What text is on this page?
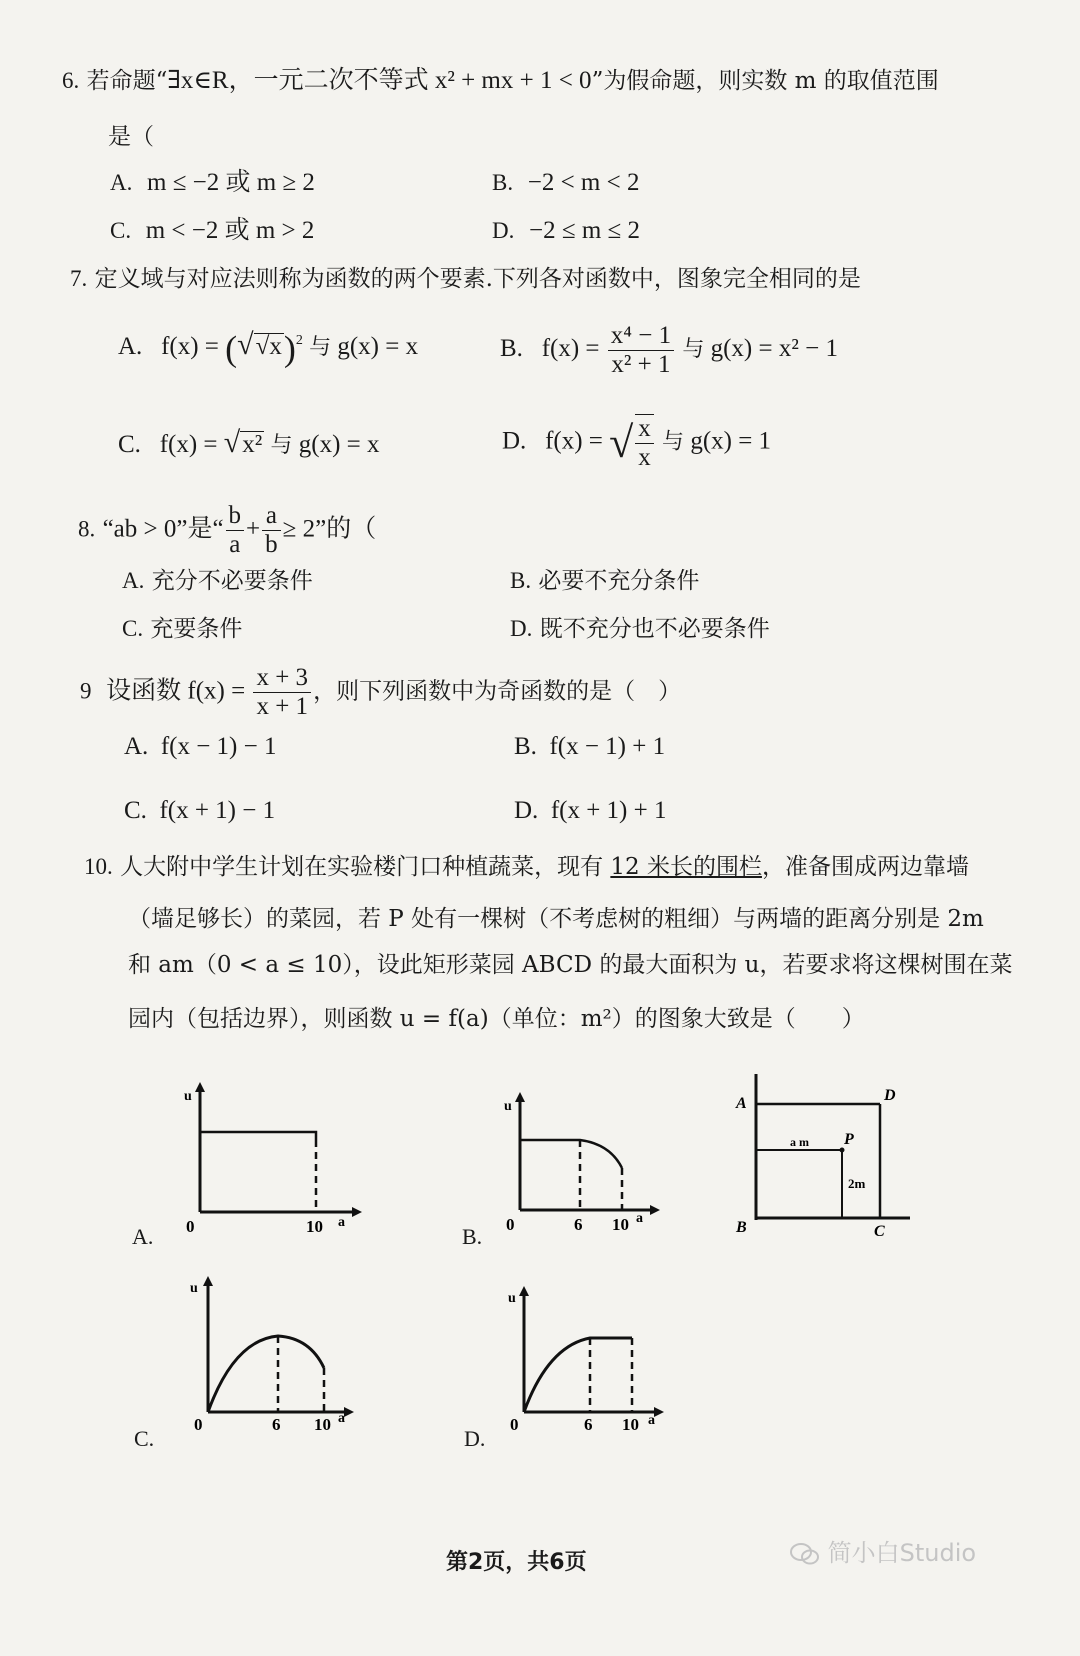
6. 若命题“∃x∈R，一元二次不等式 x² + mx + 1 < 0”为假命题，则实数 m 的取值范围
是（
A. m ≤ −2 或 m ≥ 2	B. −2 < m < 2
C. m < −2 或 m > 2	D. −2 ≤ m ≤ 2
7. 定义域与对应法则称为函数的两个要素.下列各对函数中，图象完全相同的是
A. $f(x) = (√√x)^2$ 与 g(x) = x	B. $f(x) = \frac{\text{x⁴ − 1}}{\text{x² + 1}}$ 与 g(x) = x² − 1
C. f(x) = √x² 与 g(x) = x	D. f(x) = √ $\frac{x}{x}$ 与 g(x) = 1
8. “ab > 0”是“ $\frac{b}{a} + \frac{a}{b} \ge 2$”的（
A. 充分不必要条件	B. 必要不充分条件
C. 充要条件	D. 既不充分也不必要条件
9 设函数 $f(x) = \frac{x + 3}{x + 1}$ ，则下列函数中为奇函数的是（　）
A. f(x − 1) − 1	B. f(x − 1) + 1
C. f(x + 1) − 1	D. f(x + 1) + 1
10. 人大附中学生计划在实验楼门口种植蔬菜，现有 12 米长的围栏，准备围成两边靠墙
（墙足够长）的菜园，若 P 处有一棵树（不考虑树的粗细）与两墙的距离分别是 2m
和 am（0 < a ≤ 10），设此矩形菜园 ABCD 的最大面积为 u，若要求将这棵树围在菜
园内（包括边界），则函数 u = f(a)（单位：m²）的图象大致是（　　）
u
0	10 a
A.
u
0	6 10 a
B.
A	D
B	C
P
a m
2m
u
0	6 10 a
C.
u
0	6 10 a
D.
第2页，共6页	简小白Studio
